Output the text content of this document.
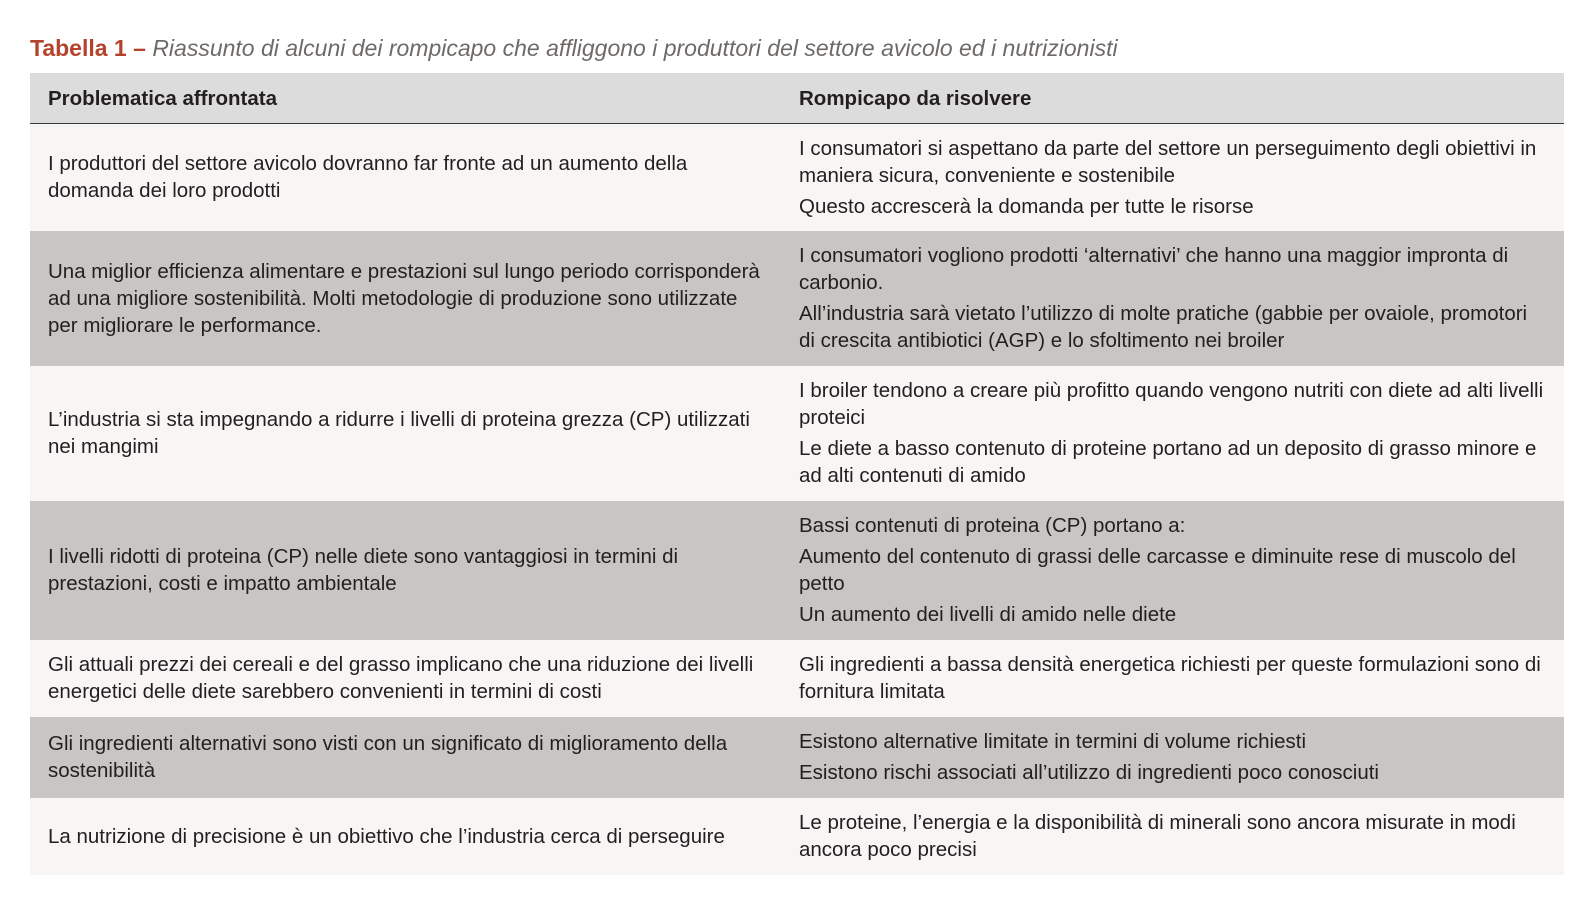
Tabella 1 – Riassunto di alcuni dei rompicapo che affliggono i produttori del settore avicolo ed i nutrizionisti
Problematica affrontata	Rompicapo da risolvere
I produttori del settore avicolo dovranno far fronte ad un aumento della domanda dei loro prodotti	I consumatori si aspettano da parte del settore un perseguimento degli obiettivi in maniera sicura, conveniente e sostenibile
Questo accrescerà la domanda per tutte le risorse

Una miglior efficienza alimentare e prestazioni sul lungo periodo corrisponderà ad una migliore sostenibilità. Molti metodologie di produzione sono utilizzate per migliorare le performance.	I consumatori vogliono prodotti ‘alternativi’ che hanno una maggior impronta di carbonio.
All’industria sarà vietato l’utilizzo di molte pratiche (gabbie per ovaiole, promotori di crescita antibiotici (AGP) e lo sfoltimento nei broiler

L’industria si sta impegnando a ridurre i livelli di proteina grezza (CP) utilizzati nei mangimi	I broiler tendono a creare più profitto quando vengono nutriti con diete ad alti livelli proteici
Le diete a basso contenuto di proteine portano ad un deposito di grasso minore e ad alti contenuti di amido

I livelli ridotti di proteina (CP) nelle diete sono vantaggiosi in termini di prestazioni, costi e impatto ambientale	Bassi contenuti di proteina (CP) portano a:
Aumento del contenuto di grassi delle carcasse e diminuite rese di muscolo del petto
Un aumento dei livelli di amido nelle diete

Gli attuali prezzi dei cereali e del grasso implicano che una riduzione dei livelli energetici delle diete sarebbero convenienti in termini di costi	Gli ingredienti a bassa densità energetica richiesti per queste formulazioni sono di fornitura limitata

Gli ingredienti alternativi sono visti con un significato di miglioramento della sostenibilità	Esistono alternative limitate in termini di volume richiesti
Esistono rischi associati all’utilizzo di ingredienti poco conosciuti

La nutrizione di precisione è un obiettivo che l’industria cerca di perseguire	Le proteine, l’energia e la disponibilità di minerali sono ancora misurate in modi ancora poco precisi
